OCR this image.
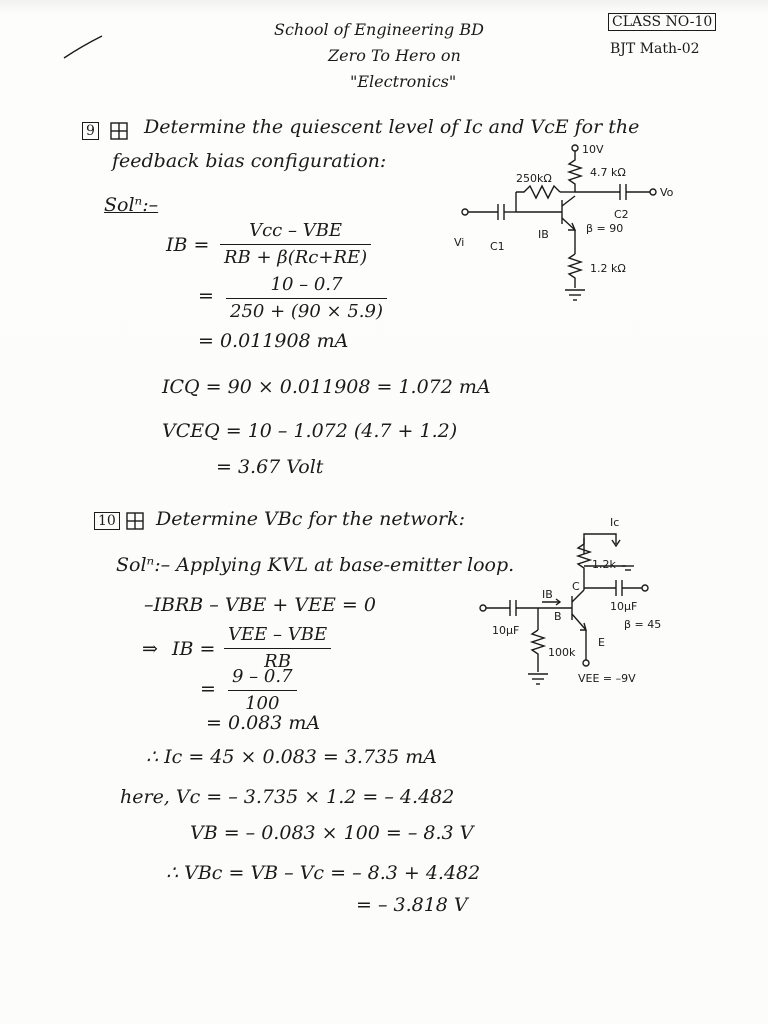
School of Engineering BD
Zero To Hero on
"Electronics"
CLASS NO-10
BJT Math-02
9	Determine the quiescent level of Ic and VcE for the
feedback bias configuration:
Solⁿ:–
IB =
Vcc – VBE
RB + β(Rc+RE)
= $\frac{10 - 0.7}{250 + (90 \times 5.9)}$
= 0.011908 mA
ICQ = 90 × 0.011908 = 1.072 mA
VCEQ = 10 – 1.072 (4.7 + 1.2)
= 3.67 Volt
10V
4.7 kΩ
Vo
C2
250kΩ
β = 90
IB
Vi C1
1.2 kΩ
10 Determine VBc for the network:
Solⁿ:– Applying KVL at base-emitter loop.
–IBRB – VBE + VEE = 0
⇒ IB =
VEE – VBE
RB
= $\frac{9 - 0.7}{100}$
= 0.083 mA
∴ Ic = 45 × 0.083 = 3.735 mA
here, Vc = – 3.735 × 1.2 = – 4.482
VB = – 0.083 × 100 = – 8.3 V
∴ VBc = VB – Vc = – 8.3 + 4.482
= – 3.818 V
Ic
1.2k
C
10μF
β = 45
E
VEE = –9V
IB
B
10μF
100k
